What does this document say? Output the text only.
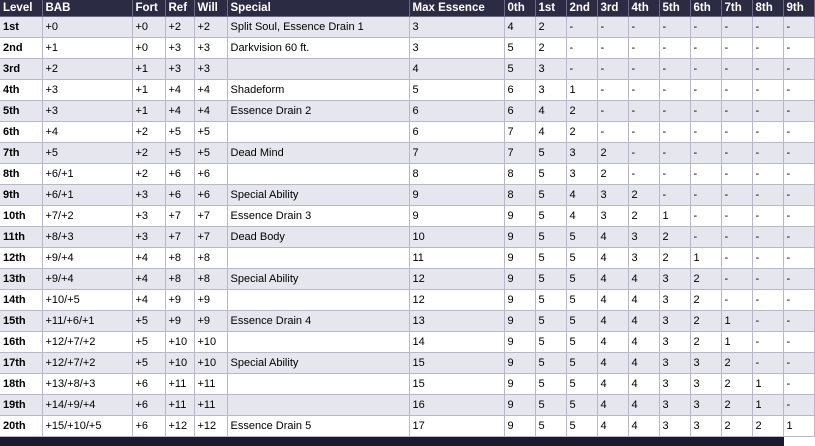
Level	BAB	Fort	Ref	Will	Special	Max Essence	0th	1st	2nd	3rd	4th	5th	6th	7th	8th	9th
1st	+0	+0	+2	+2	Split Soul, Essence Drain 1	3	4	2	-	-	-	-	-	-	-	-
2nd	+1	+0	+3	+3	Darkvision 60 ft.	3	5	2	-	-	-	-	-	-	-	-
3rd	+2	+1	+3	+3		4	5	3	-	-	-	-	-	-	-	-
4th	+3	+1	+4	+4	Shadeform	5	6	3	1	-	-	-	-	-	-	-
5th	+3	+1	+4	+4	Essence Drain 2	6	6	4	2	-	-	-	-	-	-	-
6th	+4	+2	+5	+5		6	7	4	2	-	-	-	-	-	-	-
7th	+5	+2	+5	+5	Dead Mind	7	7	5	3	2	-	-	-	-	-	-
8th	+6/+1	+2	+6	+6		8	8	5	3	2	-	-	-	-	-	-
9th	+6/+1	+3	+6	+6	Special Ability	9	8	5	4	3	2	-	-	-	-	-
10th	+7/+2	+3	+7	+7	Essence Drain 3	9	9	5	4	3	2	1	-	-	-	-
11th	+8/+3	+3	+7	+7	Dead Body	10	9	5	5	4	3	2	-	-	-	-
12th	+9/+4	+4	+8	+8		11	9	5	5	4	3	2	1	-	-	-
13th	+9/+4	+4	+8	+8	Special Ability	12	9	5	5	4	4	3	2	-	-	-
14th	+10/+5	+4	+9	+9		12	9	5	5	4	4	3	2	-	-	-
15th	+11/+6/+1	+5	+9	+9	Essence Drain 4	13	9	5	5	4	4	3	2	1	-	-
16th	+12/+7/+2	+5	+10	+10		14	9	5	5	4	4	3	2	1	-	-
17th	+12/+7/+2	+5	+10	+10	Special Ability	15	9	5	5	4	4	3	3	2	-	-
18th	+13/+8/+3	+6	+11	+11		15	9	5	5	4	4	3	3	2	1	-
19th	+14/+9/+4	+6	+11	+11		16	9	5	5	4	4	3	3	2	1	-
20th	+15/+10/+5	+6	+12	+12	Essence Drain 5	17	9	5	5	4	4	3	3	2	2	1
